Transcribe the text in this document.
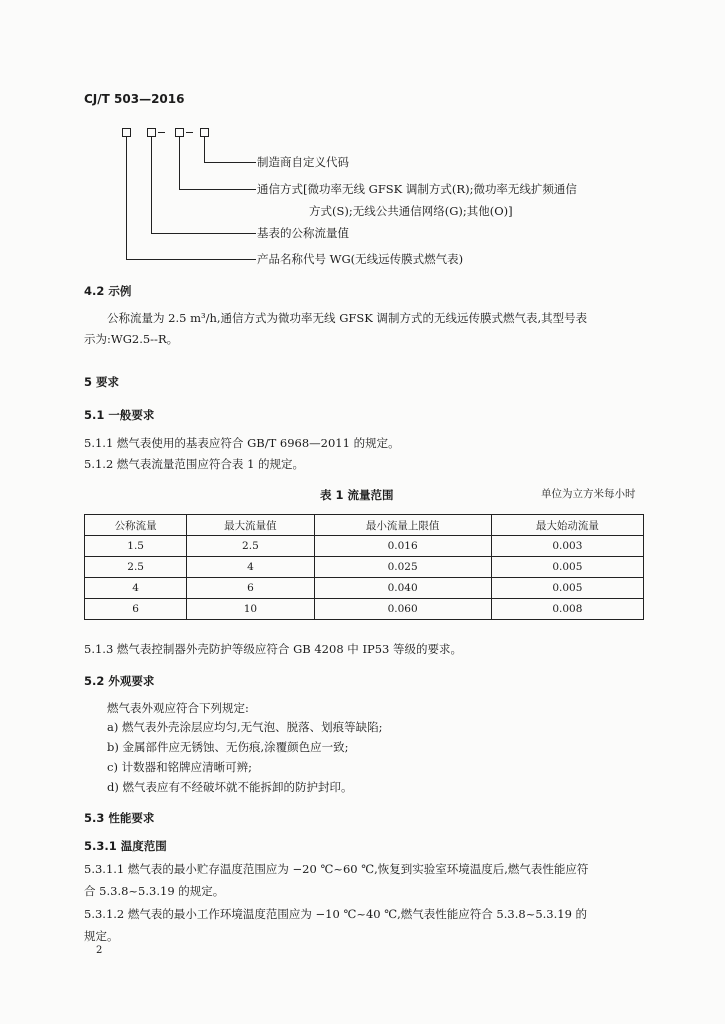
CJ/T 503—2016
制造商自定义代码
通信方式[微功率无线 GFSK 调制方式(R);微功率无线扩频通信
方式(S);无线公共通信网络(G);其他(O)]
基表的公称流量值
产品名称代号 WG(无线远传膜式燃气表)
4.2 示例
公称流量为 2.5 m³/h,通信方式为微功率无线 GFSK 调制方式的无线远传膜式燃气表,其型号表
示为:WG2.5--R。
5 要求
5.1 一般要求
5.1.1 燃气表使用的基表应符合 GB/T 6968—2011 的规定。
5.1.2 燃气表流量范围应符合表 1 的规定。
表 1 流量范围	单位为立方米每小时
公称流量	最大流量值	最小流量上限值	最大始动流量
1.5	2.5	0.016	0.003
2.5	4	0.025	0.005
4	6	0.040	0.005
6	10	0.060	0.008
5.1.3 燃气表控制器外壳防护等级应符合 GB 4208 中 IP53 等级的要求。
5.2 外观要求
燃气表外观应符合下列规定:
a) 燃气表外壳涂层应均匀,无气泡、脱落、划痕等缺陷;
b) 金属部件应无锈蚀、无伤痕,涂覆颜色应一致;
c) 计数器和铭牌应清晰可辨;
d) 燃气表应有不经破坏就不能拆卸的防护封印。
5.3 性能要求
5.3.1 温度范围
5.3.1.1 燃气表的最小贮存温度范围应为 −20 ℃~60 ℃,恢复到实验室环境温度后,燃气表性能应符
合 5.3.8~5.3.19 的规定。
5.3.1.2 燃气表的最小工作环境温度范围应为 −10 ℃~40 ℃,燃气表性能应符合 5.3.8~5.3.19 的
规定。
2
